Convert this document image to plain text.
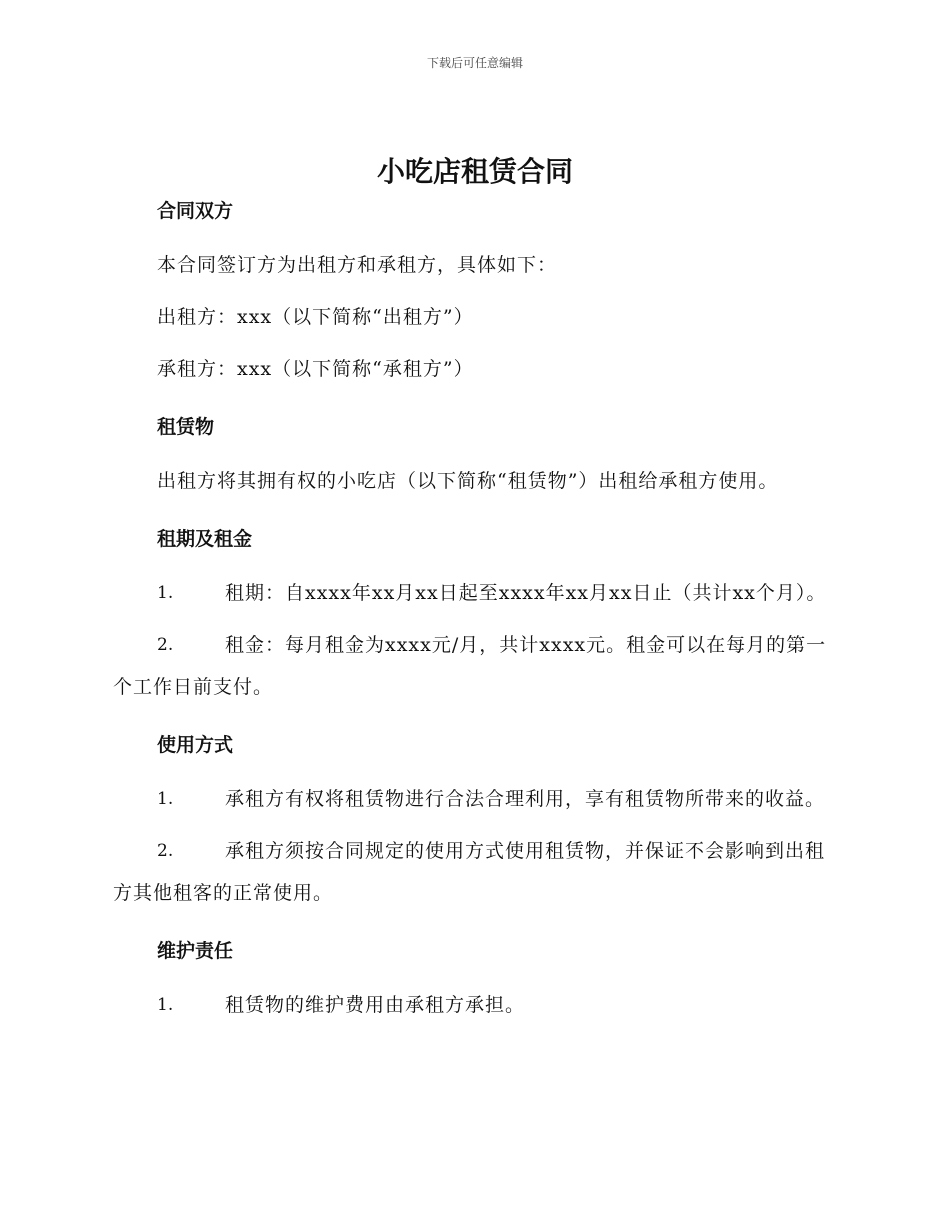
下载后可任意编辑
小吃店租赁合同
合同双方
本合同签订方为出租方和承租方，具体如下：
出租方：xxx（以下简称“出租方”）
承租方：xxx（以下简称“承租方”）
租赁物
出租方将其拥有权的小吃店（以下简称“租赁物”）出租给承租方使用。
租期及租金
1.	租期：自xxxx年xx月xx日起至xxxx年xx月xx日止（共计xx个月）。
2.	租金：每月租金为xxxx元/月，共计xxxx元。租金可以在每月的第一个工作日前支付。
使用方式
1.	承租方有权将租赁物进行合法合理利用，享有租赁物所带来的收益。
2.	承租方须按合同规定的使用方式使用租赁物，并保证不会影响到出租方其他租客的正常使用。
维护责任
1.	租赁物的维护费用由承租方承担。
